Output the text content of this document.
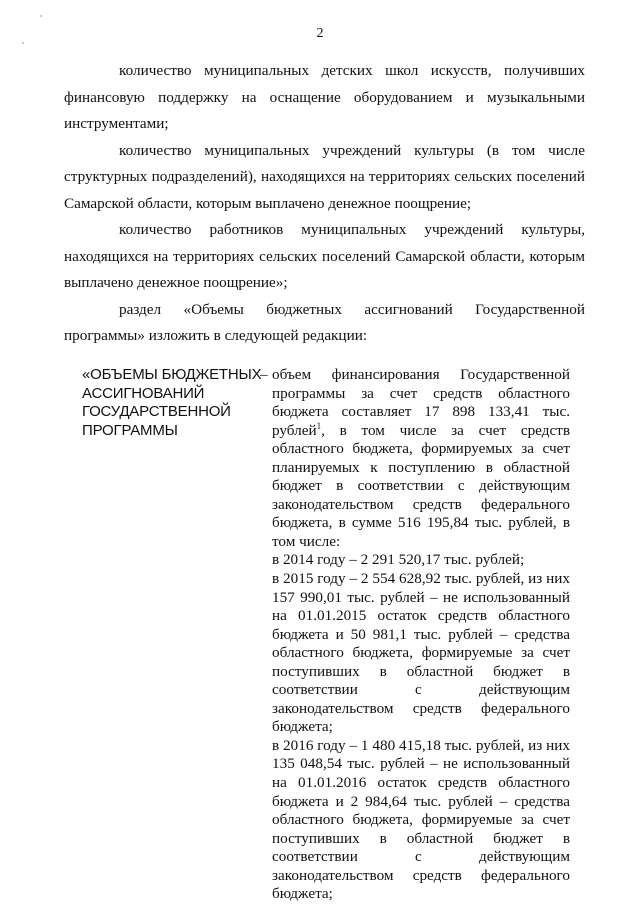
2

количество муниципальных детских школ искусств, получивших финансовую поддержку на оснащение оборудованием и музыкальными инструментами;

количество муниципальных учреждений культуры (в том числе структурных подразделений), находящихся на территориях сельских поселений Самарской области, которым выплачено денежное поощрение;

количество работников муниципальных учреждений культуры, находящихся на территориях сельских поселений Самарской области, которым выплачено денежное поощрение»;

раздел «Объемы бюджетных ассигнований Государственной программы» изложить в следующей редакции:

«ОБЪЕМЫ БЮДЖЕТНЫХ АССИГНОВАНИЙ ГОСУДАРСТВЕННОЙ ПРОГРАММЫ
– объем финансирования Государственной программы за счет средств областного бюджета составляет 17 898 133,41 тыс. рублей$^1$, в том числе за счет средств областного бюджета, формируемых за счет планируемых к поступлению в областной бюджет в соответствии с действующим законодательством средств федерального бюджета, в сумме 516 195,84 тыс. рублей, в том числе:

в 2014 году – 2 291 520,17 тыс. рублей;

в 2015 году – 2 554 628,92 тыс. рублей, из них 157 990,01 тыс. рублей – не использованный на 01.01.2015 остаток средств областного бюджета и 50 981,1 тыс. рублей – средства областного бюджета, формируемые за счет поступивших в областной бюджет в соответствии с действующим законодательством средств федерального бюджета;

в 2016 году – 1 480 415,18 тыс. рублей, из них 135 048,54 тыс. рублей – не использованный на 01.01.2016 остаток средств областного бюджета и 2 984,64 тыс. рублей – средства областного бюджета, формируемые за счет поступивших в областной бюджет в соответствии с действующим законодательством средств федерального бюджета;
